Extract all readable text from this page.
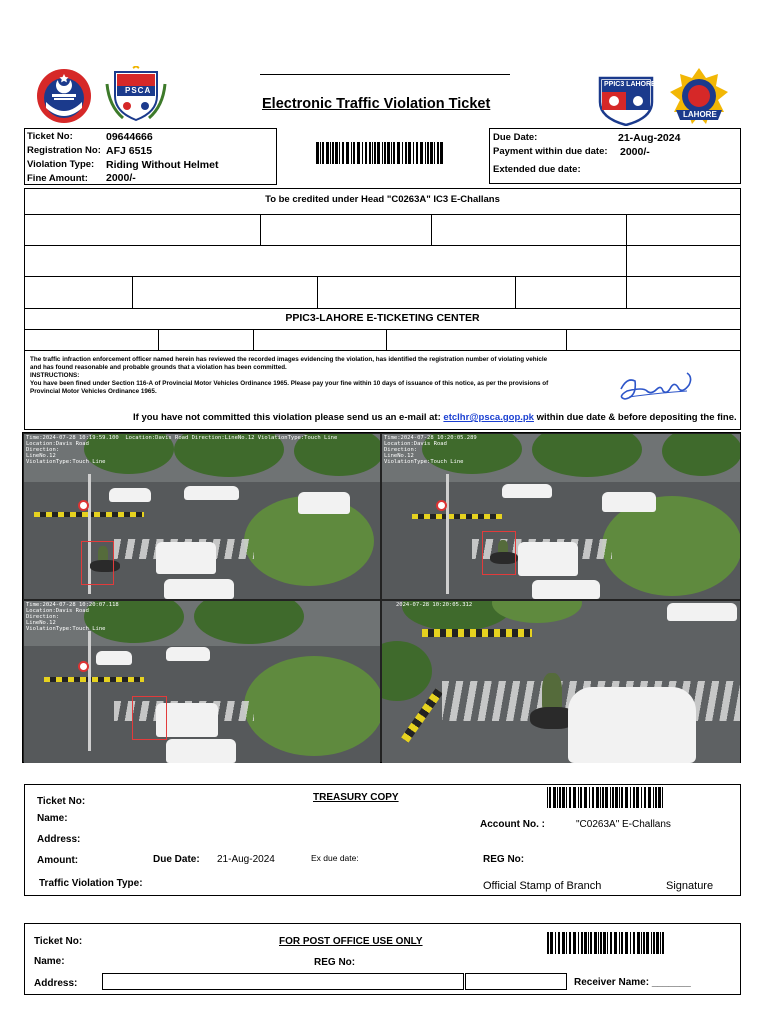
PSCA
Electronic Traffic Violation Ticket
PPIC3 LAHORE
LAHORE
Ticket No:	09644666
Registration No: AFJ 6515
Violation Type: Riding Without Helmet
Fine Amount: 2000/-
Due Date:	21-Aug-2024
Payment within due date: 2000/-
Extended due date:
To be credited under Head "C0263A" IC3 E-Challans
PPIC3-LAHORE E-TICKETING CENTER
The traffic infraction enforcement officer named herein has reviewed the recorded images evidencing the violation, has identified the registration number of violating vehicle and has found reasonable and probable grounds that a violation has been committed.
INSTRUCTIONS:
You have been fined under Section 116-A of Provincial Motor Vehicles Ordinance 1965. Please pay your fine within 10 days of issuance of this notice, as per the provisions of Provincial Motor Vehicles Ordinance 1965.
If you have not committed this violation please send us an e-mail at: etclhr@psca.gop.pk within due date & before depositing the fine.
Time:2024-07-28 10:19:59.100  Location:Davis Road Direction:LineNo.12 ViolationType:Touch Line
Location:Davis Road
Direction:
LineNo.12
ViolationType:Touch Line
Time:2024-07-28 10:20:05.289
Location:Davis Road
Direction:
LineNo.12
ViolationType:Touch Line
Time:2024-07-28 10:20:07.118
Location:Davis Road
Direction:
LineNo.12
ViolationType:Touch Line
2024-07-28 10:20:05.312
TREASURY COPY
Ticket No:
Name:
Address:
Account No. :	"C0263A" E-Challans
Amount:	Due Date: 21-Aug-2024	Ex due date:	REG No:
Traffic Violation Type:	Official Stamp of Branch	Signature
FOR POST OFFICE USE ONLY
Ticket No:
Name:	REG No:
Address:	Receiver Name: _______
